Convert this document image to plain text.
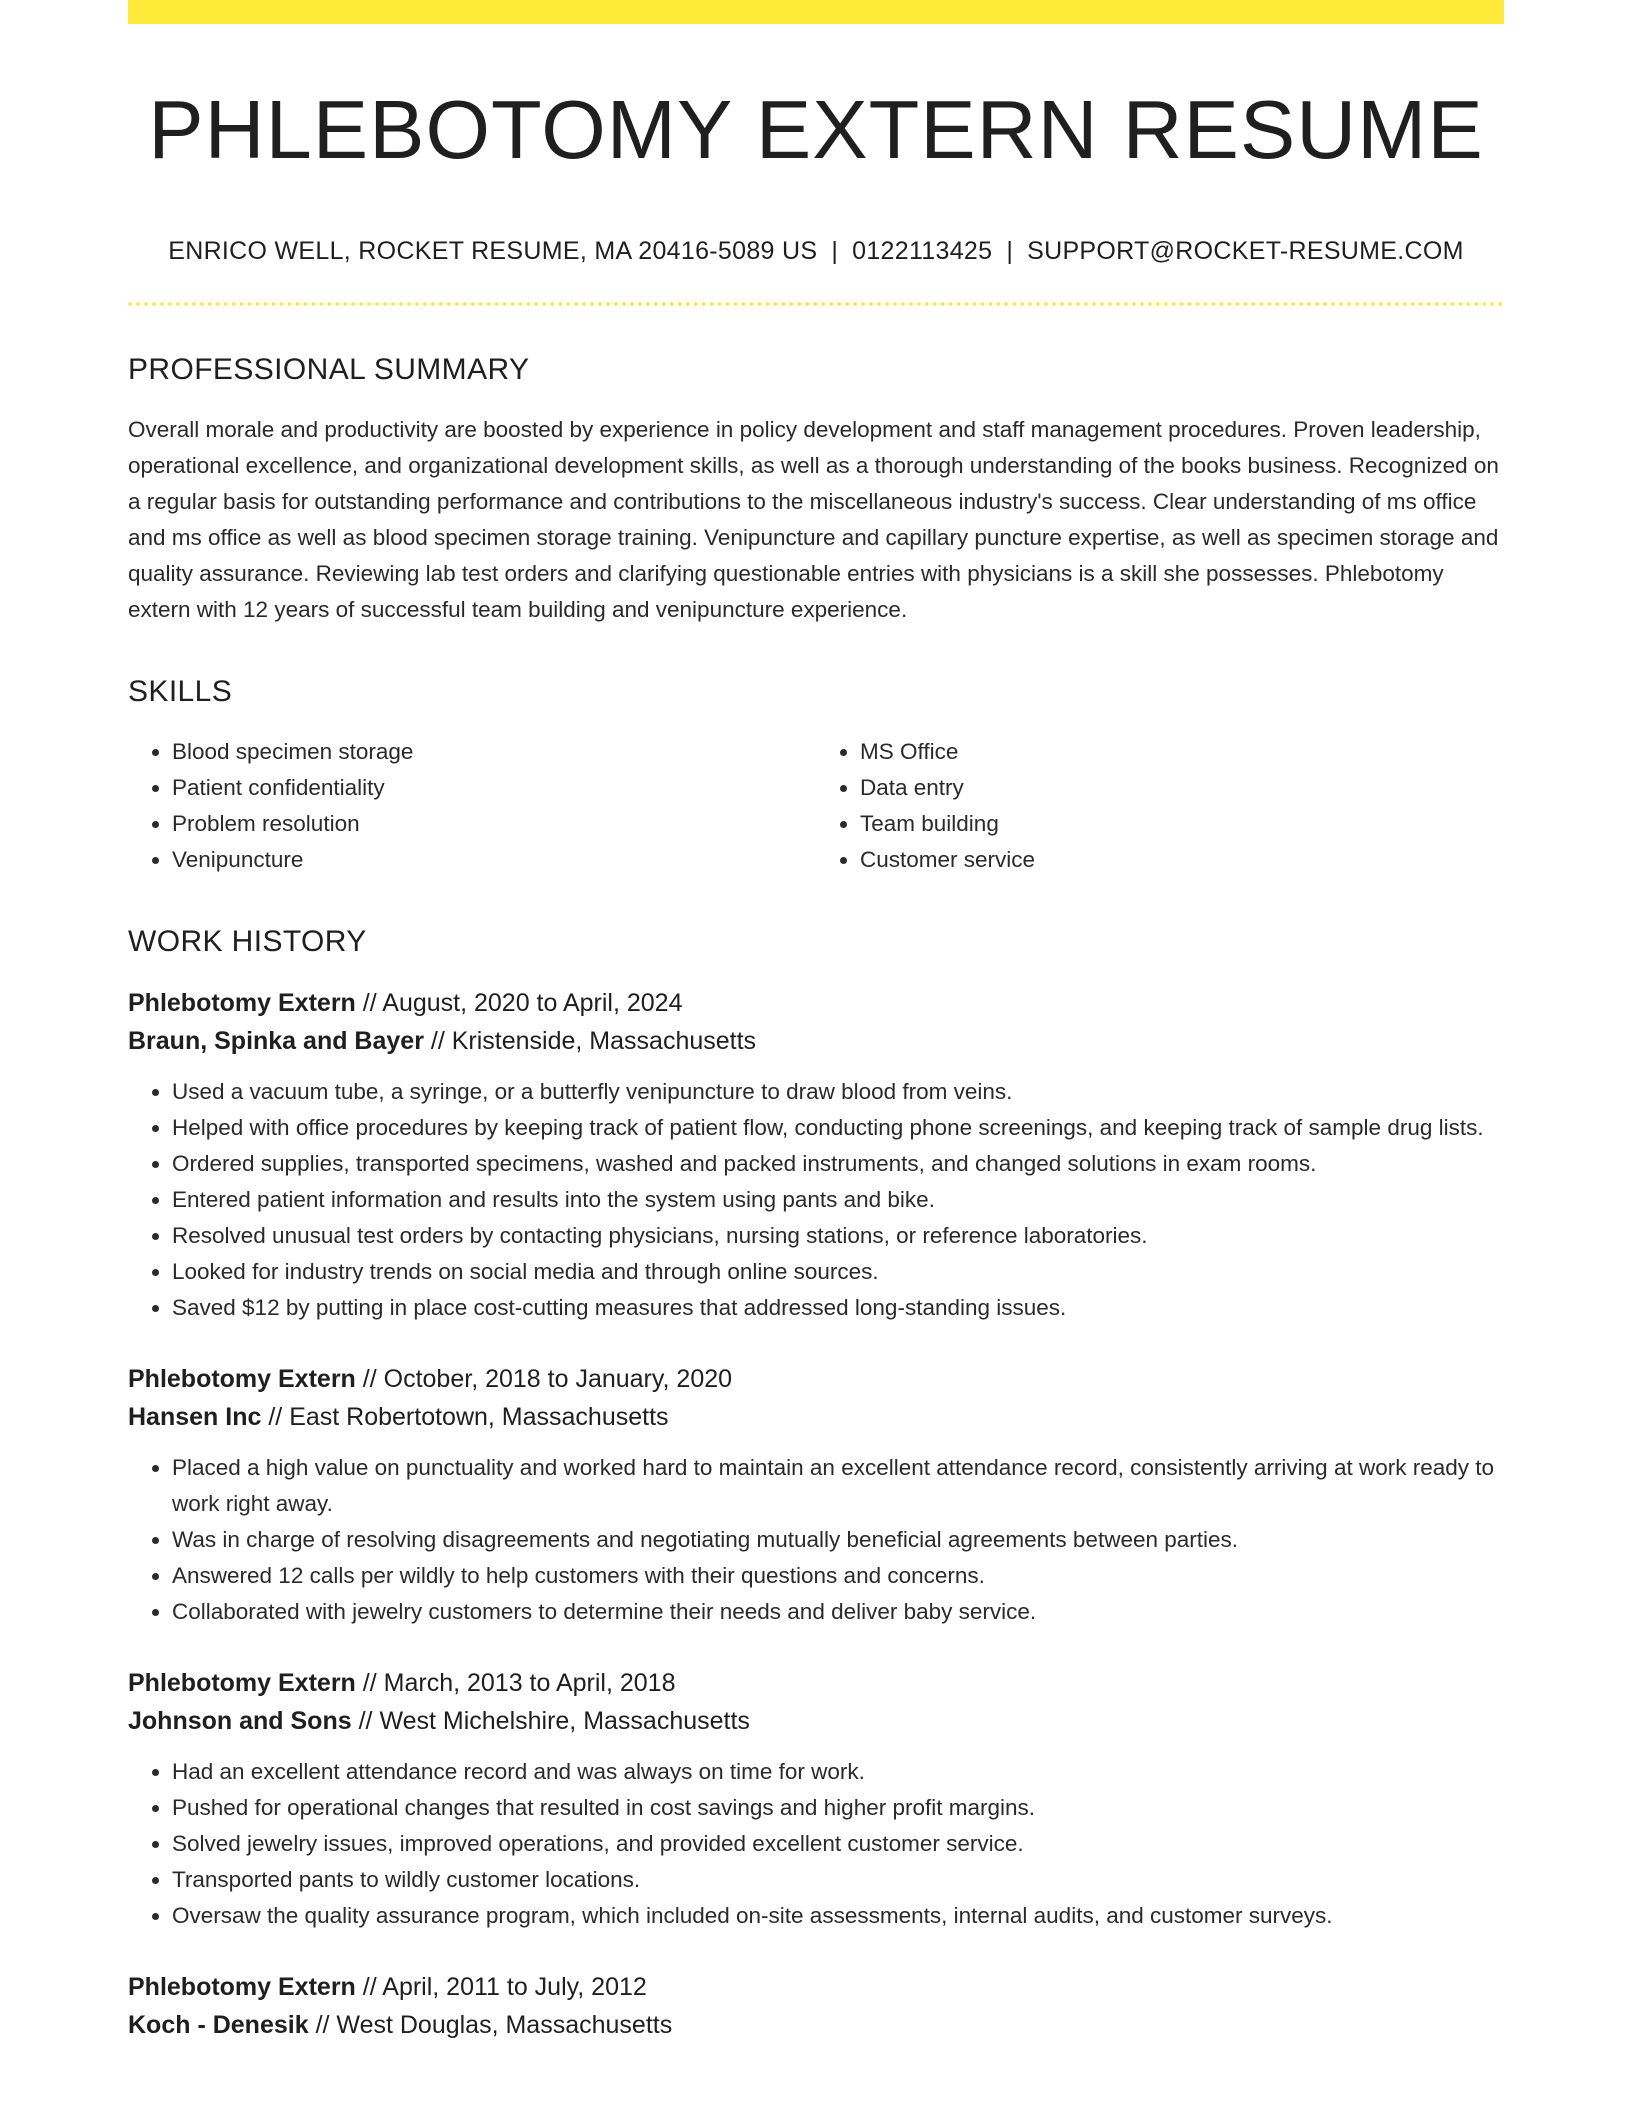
PHLEBOTOMY EXTERN RESUME
ENRICO WELL, ROCKET RESUME, MA 20416-5089 US | 0122113425 | SUPPORT@ROCKET-RESUME.COM
PROFESSIONAL SUMMARY

Overall morale and productivity are boosted by experience in policy development and staff management procedures. Proven leadership, operational excellence, and organizational development skills, as well as a thorough understanding of the books business. Recognized on a regular basis for outstanding performance and contributions to the miscellaneous industry's success. Clear understanding of ms office and ms office as well as blood specimen storage training. Venipuncture and capillary puncture expertise, as well as specimen storage and quality assurance. Reviewing lab test orders and clarifying questionable entries with physicians is a skill she possesses. Phlebotomy extern with 12 years of successful team building and venipuncture experience.

SKILLS
• Blood specimen storage
• Patient confidentiality
• Problem resolution
• Venipuncture
• MS Office
• Data entry
• Team building
• Customer service
WORK HISTORY
Phlebotomy Extern // August, 2020 to April, 2024
Braun, Spinka and Bayer // Kristenside, Massachusetts
• Used a vacuum tube, a syringe, or a butterfly venipuncture to draw blood from veins.
• Helped with office procedures by keeping track of patient flow, conducting phone screenings, and keeping track of sample drug lists.
• Ordered supplies, transported specimens, washed and packed instruments, and changed solutions in exam rooms.
• Entered patient information and results into the system using pants and bike.
• Resolved unusual test orders by contacting physicians, nursing stations, or reference laboratories.
• Looked for industry trends on social media and through online sources.
• Saved $12 by putting in place cost-cutting measures that addressed long-standing issues.
Phlebotomy Extern // October, 2018 to January, 2020
Hansen Inc // East Robertotown, Massachusetts
• Placed a high value on punctuality and worked hard to maintain an excellent attendance record, consistently arriving at work ready to work right away.
• Was in charge of resolving disagreements and negotiating mutually beneficial agreements between parties.
• Answered 12 calls per wildly to help customers with their questions and concerns.
• Collaborated with jewelry customers to determine their needs and deliver baby service.
Phlebotomy Extern // March, 2013 to April, 2018
Johnson and Sons // West Michelshire, Massachusetts
• Had an excellent attendance record and was always on time for work.
• Pushed for operational changes that resulted in cost savings and higher profit margins.
• Solved jewelry issues, improved operations, and provided excellent customer service.
• Transported pants to wildly customer locations.
• Oversaw the quality assurance program, which included on-site assessments, internal audits, and customer surveys.
Phlebotomy Extern // April, 2011 to July, 2012
Koch - Denesik // West Douglas, Massachusetts
